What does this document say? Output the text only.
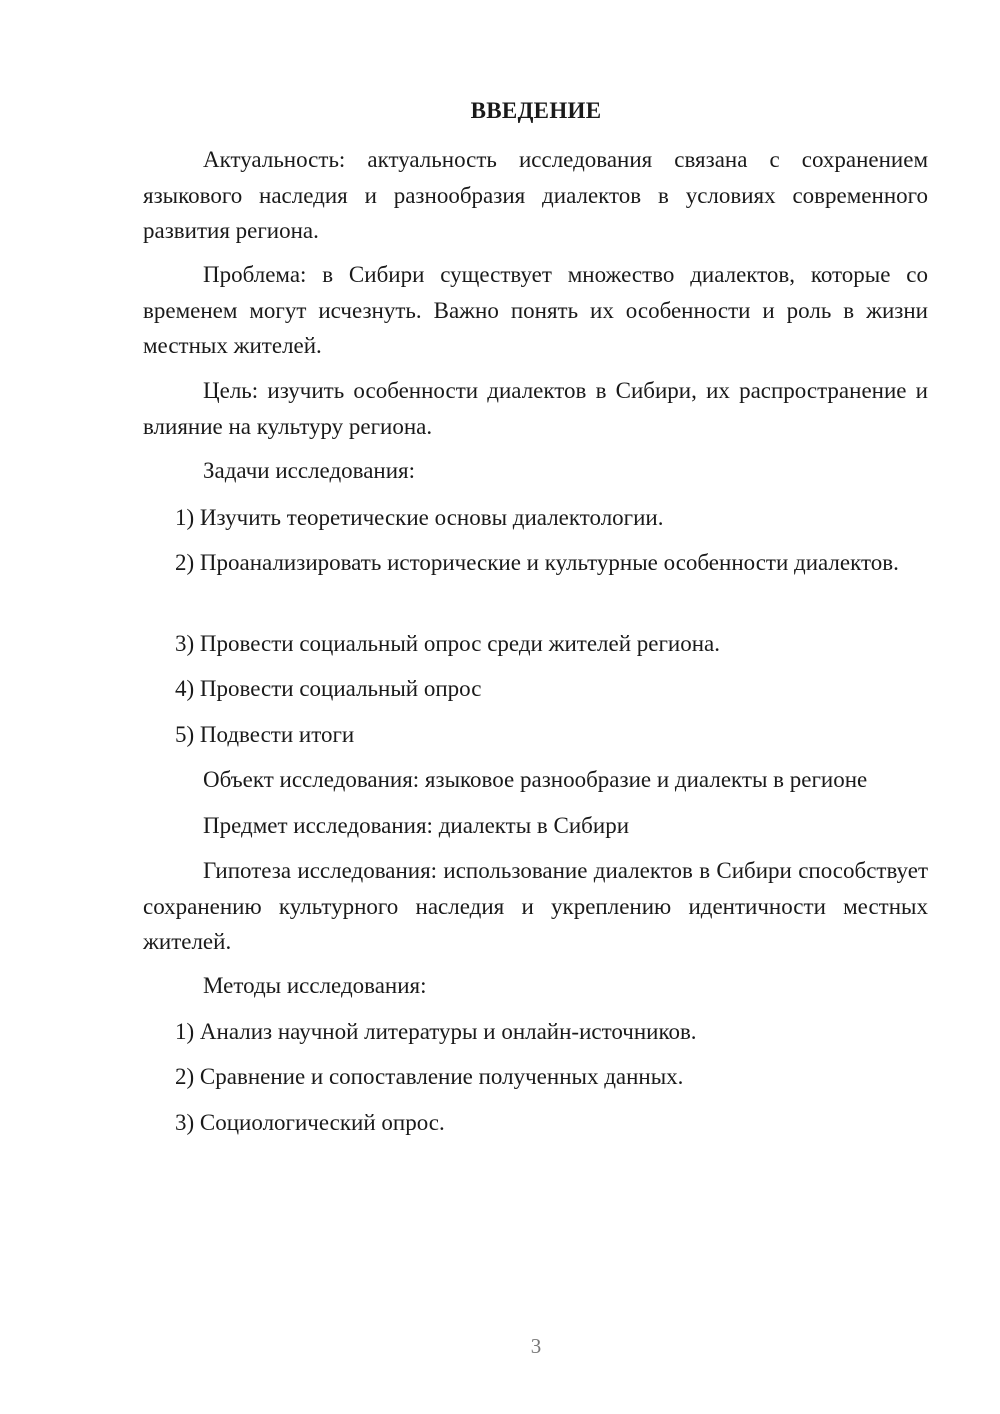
ВВЕДЕНИЕ

Актуальность: актуальность исследования связана с сохранением языкового наследия и разнообразия диалектов в условиях современного развития региона.

Проблема: в Сибири существует множество диалектов, которые со временем могут исчезнуть. Важно понять их особенности и роль в жизни местных жителей.

Цель: изучить особенности диалектов в Сибири, их распространение и влияние на культуру региона.

Задачи исследования:

1) Изучить теоретические основы диалектологии.

2) Проанализировать исторические и культурные особенности диалектов.

3) Провести социальный опрос среди жителей региона.

4) Провести социальный опрос

5) Подвести итоги

Объект исследования: языковое разнообразие и диалекты в регионе

Предмет исследования: диалекты в Сибири

Гипотеза исследования: использование диалектов в Сибири способствует сохранению культурного наследия и укреплению идентичности местных жителей.

Методы исследования:

1) Анализ научной литературы и онлайн-источников.

2) Сравнение и сопоставление полученных данных.

3) Социологический опрос.

3
